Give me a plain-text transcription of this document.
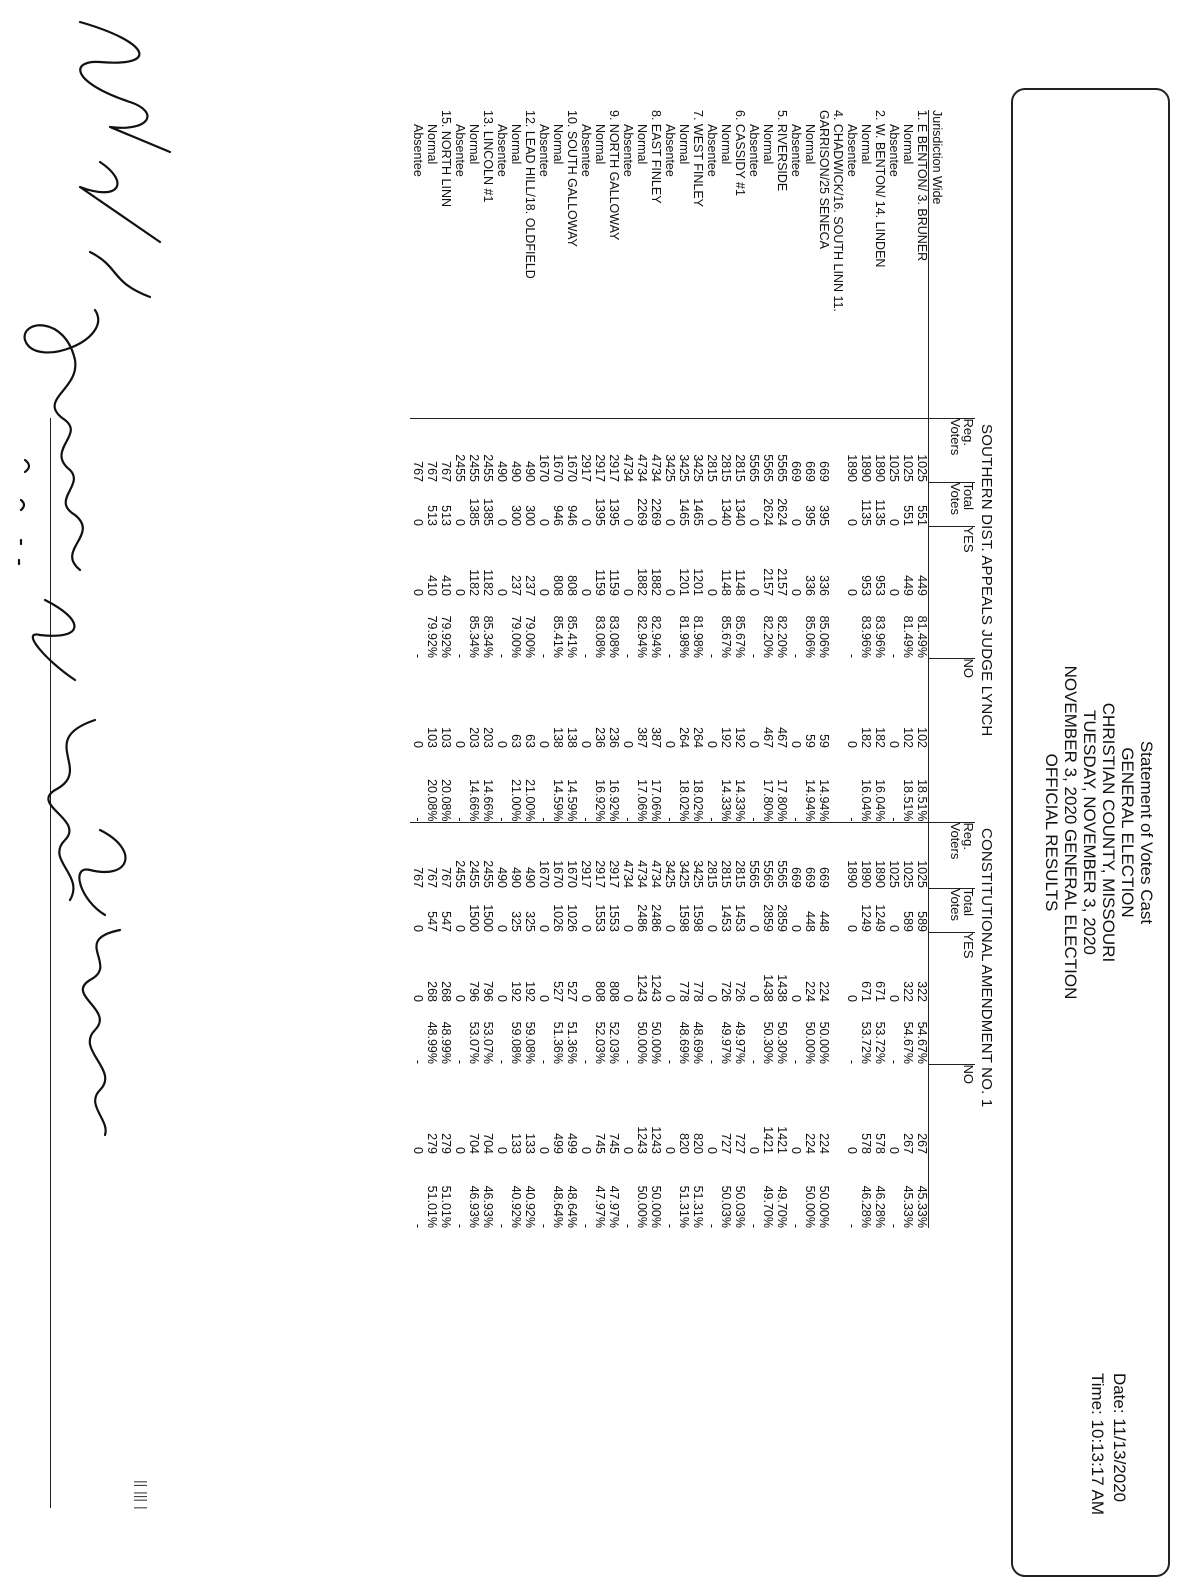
Statement of Votes Cast
GENERAL ELECTION
CHRISTIAN COUNTY, MISSOURI
TUESDAY, NOVEMBER 3, 2020
NOVEMBER 3, 2020 GENERAL ELECTION
OFFICIAL RESULTS
Date: 11/13/2020
Time: 10:13:17 AM
SOUTHERN DIST. APPEALS JUDGE LYNCH
CONSTITUTIONAL AMENDMENT NO. 1
Jurisdiction Wide	Reg. Voters	Total Votes	YES		NO		Reg. Voters	Total Votes	YES		NO	
1. E BENTON/ 3. BRUNER	1025	551	449	81.49%	102	18.51%	1025	589	322	54.67%	267	45.33%
Normal	1025	551	449	81.49%	102	18.51%	1025	589	322	54.67%	267	45.33%
Absentee	1025	0	0	-	0	-	1025	0	0	-	0	-
2. W. BENTON/ 14. LINDEN	1890	1135	953	83.96%	182	16.04%	1890	1249	671	53.72%	578	46.28%
Normal	1890	1135	953	83.96%	182	16.04%	1890	1249	671	53.72%	578	46.28%
Absentee	1890	0	0	-	0	-	1890	0	0	-	0	-
4. CHADWICK/16. SOUTH LINN 11.												
GARRISON/25 SENECA	669	395	336	85.06%	59	14.94%	669	448	224	50.00%	224	50.00%
Normal	669	395	336	85.06%	59	14.94%	669	448	224	50.00%	224	50.00%
Absentee	669	0	0	-	0	-	669	0	0	-	0	-
5. RIVERSIDE	5565	2624	2157	82.20%	467	17.80%	5565	2859	1438	50.30%	1421	49.70%
Normal	5565	2624	2157	82.20%	467	17.80%	5565	2859	1438	50.30%	1421	49.70%
Absentee	5565	0	0	-	0	-	5565	0	0	-	0	-
6. CASSIDY #1	2815	1340	1148	85.67%	192	14.33%	2815	1453	726	49.97%	727	50.03%
Normal	2815	1340	1148	85.67%	192	14.33%	2815	1453	726	49.97%	727	50.03%
Absentee	2815	0	0	-	0	-	2815	0	0	-	0	-
7. WEST FINLEY	3425	1465	1201	81.98%	264	18.02%	3425	1598	778	48.69%	820	51.31%
Normal	3425	1465	1201	81.98%	264	18.02%	3425	1598	778	48.69%	820	51.31%
Absentee	3425	0	0	-	0	-	3425	0	0	-	0	-
8. EAST FINLEY	4734	2269	1882	82.94%	387	17.06%	4734	2486	1243	50.00%	1243	50.00%
Normal	4734	2269	1882	82.94%	387	17.06%	4734	2486	1243	50.00%	1243	50.00%
Absentee	4734	0	0	-	0	-	4734	0	0	-	0	-
9. NORTH GALLOWAY	2917	1395	1159	83.08%	236	16.92%	2917	1553	808	52.03%	745	47.97%
Normal	2917	1395	1159	83.08%	236	16.92%	2917	1553	808	52.03%	745	47.97%
Absentee	2917	0	0	-	0	-	2917	0	0	-	0	-
10. SOUTH GALLOWAY	1670	946	808	85.41%	138	14.59%	1670	1026	527	51.36%	499	48.64%
Normal	1670	946	808	85.41%	138	14.59%	1670	1026	527	51.36%	499	48.64%
Absentee	1670	0	0	-	0	-	1670	0	0	-	0	-
12. LEAD HILL/18. OLDFIELD	490	300	237	79.00%	63	21.00%	490	325	192	59.08%	133	40.92%
Normal	490	300	237	79.00%	63	21.00%	490	325	192	59.08%	133	40.92%
Absentee	490	0	0	-	0	-	490	0	0	-	0	-
13. LINCOLN #1	2455	1385	1182	85.34%	203	14.66%	2455	1500	796	53.07%	704	46.93%
Normal	2455	1385	1182	85.34%	203	14.66%	2455	1500	796	53.07%	704	46.93%
Absentee	2455	0	0	-	0	-	2455	0	0	-	0	-
15. NORTH LINN	767	513	410	79.92%	103	20.08%	767	547	268	48.99%	279	51.01%
Normal	767	513	410	79.92%	103	20.08%	767	547	268	48.99%	279	51.01%
Absentee	767	0	0	-	0	-	767	0	0	-	0	-
|| ||| |
